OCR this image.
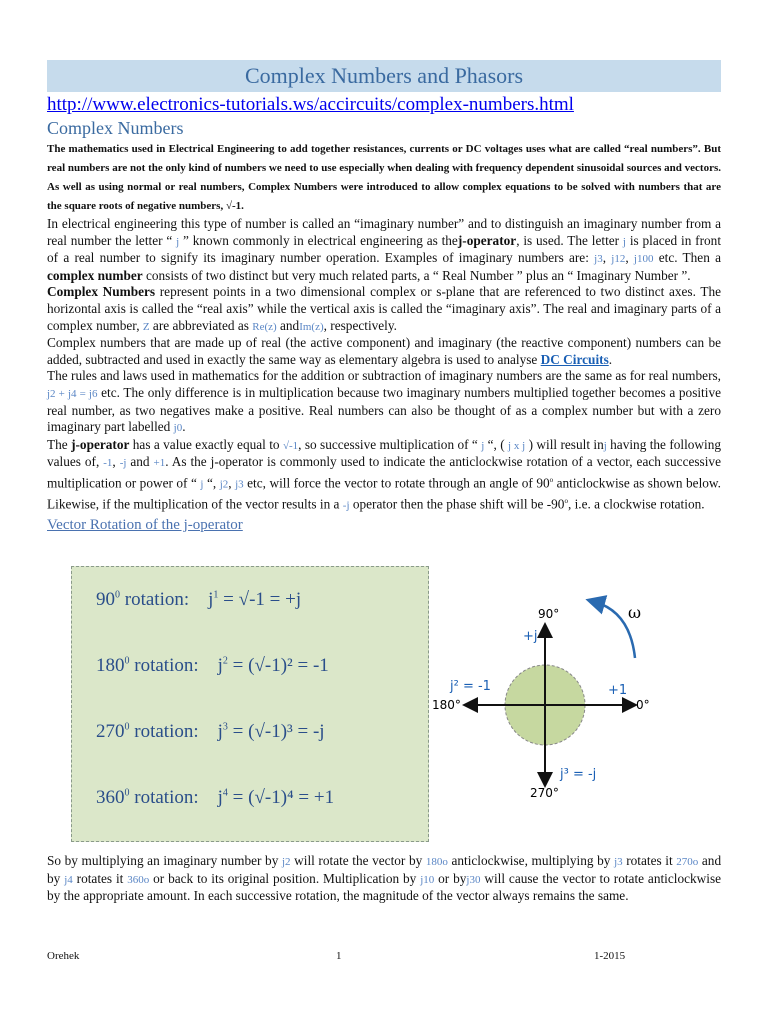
Complex Numbers and Phasors
http://www.electronics-tutorials.ws/accircuits/complex-numbers.html
Complex Numbers
The mathematics used in Electrical Engineering to add together resistances, currents or DC voltages uses what are called “real numbers”. But real numbers are not the only kind of numbers we need to use especially when dealing with frequency dependent sinusoidal sources and vectors. As well as using normal or real numbers, Complex Numbers were introduced to allow complex equations to be solved with numbers that are the square roots of negative numbers, √-1.

In electrical engineering this type of number is called an “imaginary number” and to distinguish an imaginary number from a real number the letter “ j ” known commonly in electrical engineering as thej-operator, is used. The letter j is placed in front of a real number to signify its imaginary number operation. Examples of imaginary numbers are: j3, j12, j100 etc. Then a complex number consists of two distinct but very much related parts, a “ Real Number ” plus an “ Imaginary Number ”.

Complex Numbers represent points in a two dimensional complex or s-plane that are referenced to two distinct axes. The horizontal axis is called the “real axis” while the vertical axis is called the “imaginary axis”. The real and imaginary parts of a complex number, Z are abbreviated as Re(z) andIm(z), respectively.

Complex numbers that are made up of real (the active component) and imaginary (the reactive component) numbers can be added, subtracted and used in exactly the same way as elementary algebra is used to analyse DC Circuits.

The rules and laws used in mathematics for the addition or subtraction of imaginary numbers are the same as for real numbers, j2 + j4 = j6 etc. The only difference is in multiplication because two imaginary numbers multiplied together becomes a positive real number, as two negatives make a positive. Real numbers can also be thought of as a complex number but with a zero imaginary part labelled j0.

The j-operator has a value exactly equal to √-1, so successive multiplication of “ j “, ( j x j ) will result inj having the following values of, -1, -j and +1. As the j-operator is commonly used to indicate the anticlockwise rotation of a vector, each successive multiplication or power of “ j “, j2, j3 etc, will force the vector to rotate through an angle of 90$^o$ anticlockwise as shown below. Likewise, if the multiplication of the vector results in a -j operator then the phase shift will be -90$^o$, i.e. a clockwise rotation.

Vector Rotation of the j-operator
$90^0$ rotation:    $j^1 = √-1 = +j$
$180^0$ rotation:    $j^2 = (√-1)^2 = -1$
$270^0$ rotation:    $j^3 = (√-1)^3 = -j$
$360^0$ rotation:    $j^4 = (√-1)^4 = +1$
90°
+j
j² = -1	+1
180°	0°
j³ = -j
270°
ω

So by multiplying an imaginary number by j2 will rotate the vector by 180o anticlockwise, multiplying by j3 rotates it 270o and by j4 rotates it 360o or back to its original position. Multiplication by j10 or byj30 will cause the vector to rotate anticlockwise by the appropriate amount. In each successive rotation, the magnitude of the vector always remains the same.

Orehek	1	1-2015
